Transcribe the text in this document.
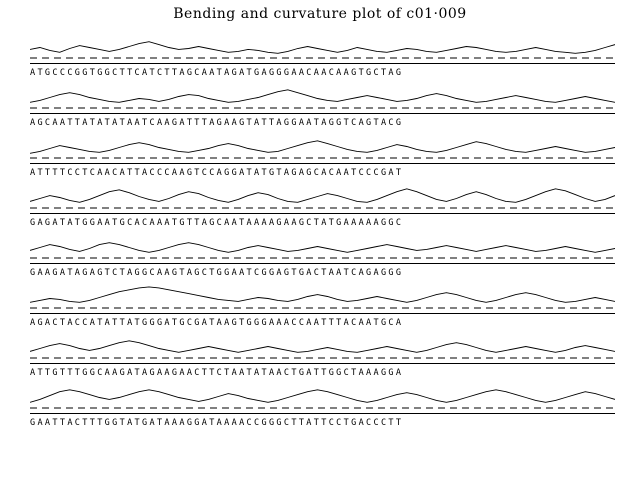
Bending and curvature plot of c01·009
ATGCCCGGTGGCTTCATCTTAGCAATAGATGAGGGAACAACAAGTGCTAG
AGCAATTATATATAATCAAGATTTAGAAGTATTAGGAATAGGTCAGTACG
ATTTTCCTCAACATTACCCAAGTCCAGGATATGTAGAGCACAATCCCGAT
GAGATATGGAATGCACAAATGTTAGCAATAAAAGAAGCTATGAAAAAGGC
GAAGATAGAGTCTAGGCAAGTAGCTGGAATCGGAGTGACTAATCAGAGGG
AGACTACCATATTATGGGATGCGATAAGTGGGAAACCAATTTACAATGCA
ATTGTTTGGCAAGATAGAAGAACTTCTAATATAACTGATTGGCTAAAGGA
GAATTACTTTGGTATGATAAAGGATAAAACCGGGCTTATTCCTGACCCTT
